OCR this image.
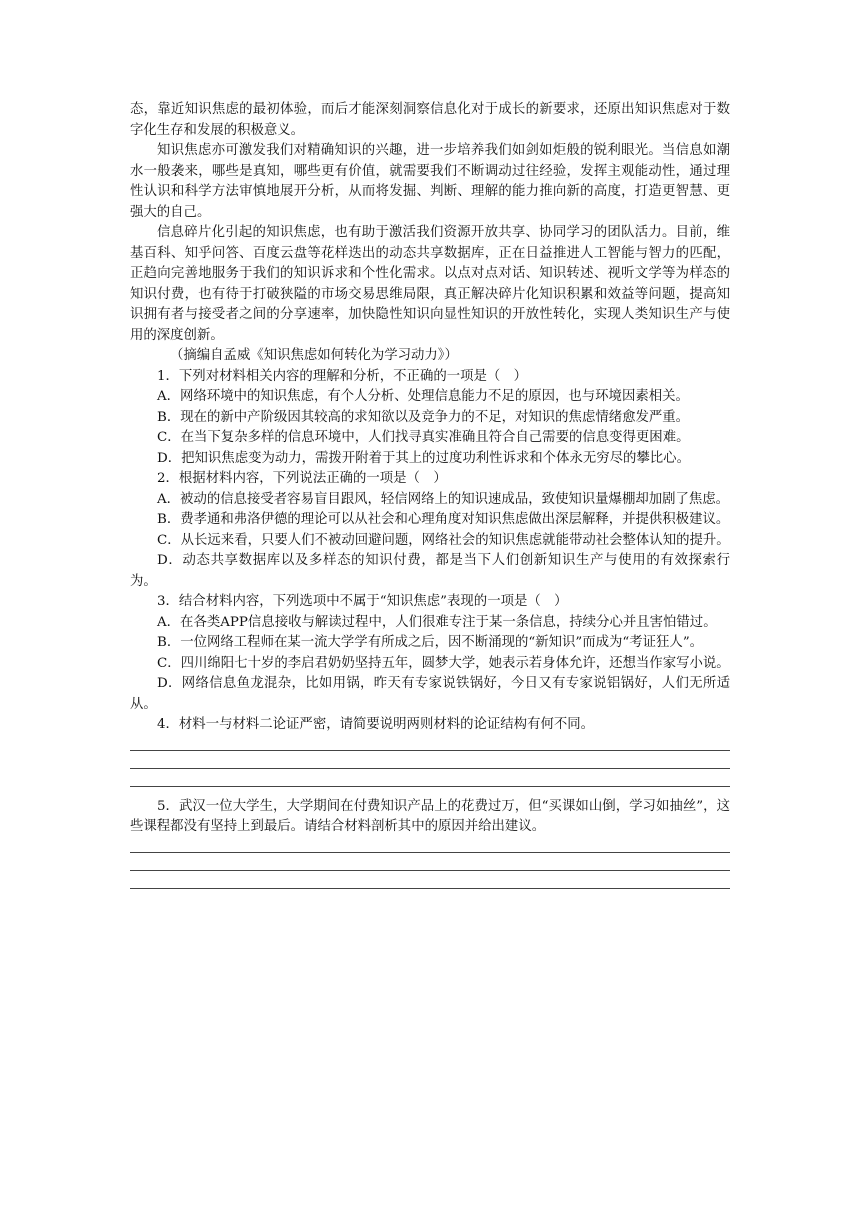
态，靠近知识焦虑的最初体验，而后才能深刻洞察信息化对于成长的新要求，还原出知识焦虑对于数字化生存和发展的积极意义。

知识焦虑亦可激发我们对精确知识的兴趣，进一步培养我们如剑如炬般的锐利眼光。当信息如潮水一般袭来，哪些是真知，哪些更有价值，就需要我们不断调动过往经验，发挥主观能动性，通过理性认识和科学方法审慎地展开分析，从而将发掘、判断、理解的能力推向新的高度，打造更智慧、更强大的自己。

信息碎片化引起的知识焦虑，也有助于激活我们资源开放共享、协同学习的团队活力。目前，维基百科、知乎问答、百度云盘等花样迭出的动态共享数据库，正在日益推进人工智能与智力的匹配，正趋向完善地服务于我们的知识诉求和个性化需求。以点对点对话、知识转述、视听文学等为样态的知识付费，也有待于打破狭隘的市场交易思维局限，真正解决碎片化知识积累和效益等问题，提高知识拥有者与接受者之间的分享速率，加快隐性知识向显性知识的开放性转化，实现人类知识生产与使用的深度创新。

（摘编自孟威《知识焦虑如何转化为学习动力》）

1．下列对材料相关内容的理解和分析，不正确的一项是（　）

A．网络环境中的知识焦虑，有个人分析、处理信息能力不足的原因，也与环境因素相关。

B．现在的新中产阶级因其较高的求知欲以及竞争力的不足，对知识的焦虑情绪愈发严重。

C．在当下复杂多样的信息环境中，人们找寻真实准确且符合自己需要的信息变得更困难。

D．把知识焦虑变为动力，需拨开附着于其上的过度功利性诉求和个体永无穷尽的攀比心。

2．根据材料内容，下列说法正确的一项是（　）

A．被动的信息接受者容易盲目跟风，轻信网络上的知识速成品，致使知识量爆棚却加剧了焦虑。

B．费孝通和弗洛伊德的理论可以从社会和心理角度对知识焦虑做出深层解释，并提供积极建议。

C．从长远来看，只要人们不被动回避问题，网络社会的知识焦虑就能带动社会整体认知的提升。

D．动态共享数据库以及多样态的知识付费，都是当下人们创新知识生产与使用的有效探索行为。

3．结合材料内容，下列选项中不属于“知识焦虑”表现的一项是（　）

A．在各类APP信息接收与解读过程中，人们很难专注于某一条信息，持续分心并且害怕错过。

B．一位网络工程师在某一流大学学有所成之后，因不断涌现的“新知识”而成为“考证狂人”。

C．四川绵阳七十岁的李启君奶奶坚持五年，圆梦大学，她表示若身体允许，还想当作家写小说。

D．网络信息鱼龙混杂，比如用锅，昨天有专家说铁锅好，今日又有专家说铝锅好，人们无所适从。

4．材料一与材料二论证严密，请简要说明两则材料的论证结构有何不同。

5．武汉一位大学生，大学期间在付费知识产品上的花费过万，但“买课如山倒，学习如抽丝”，这些课程都没有坚持上到最后。请结合材料剖析其中的原因并给出建议。
